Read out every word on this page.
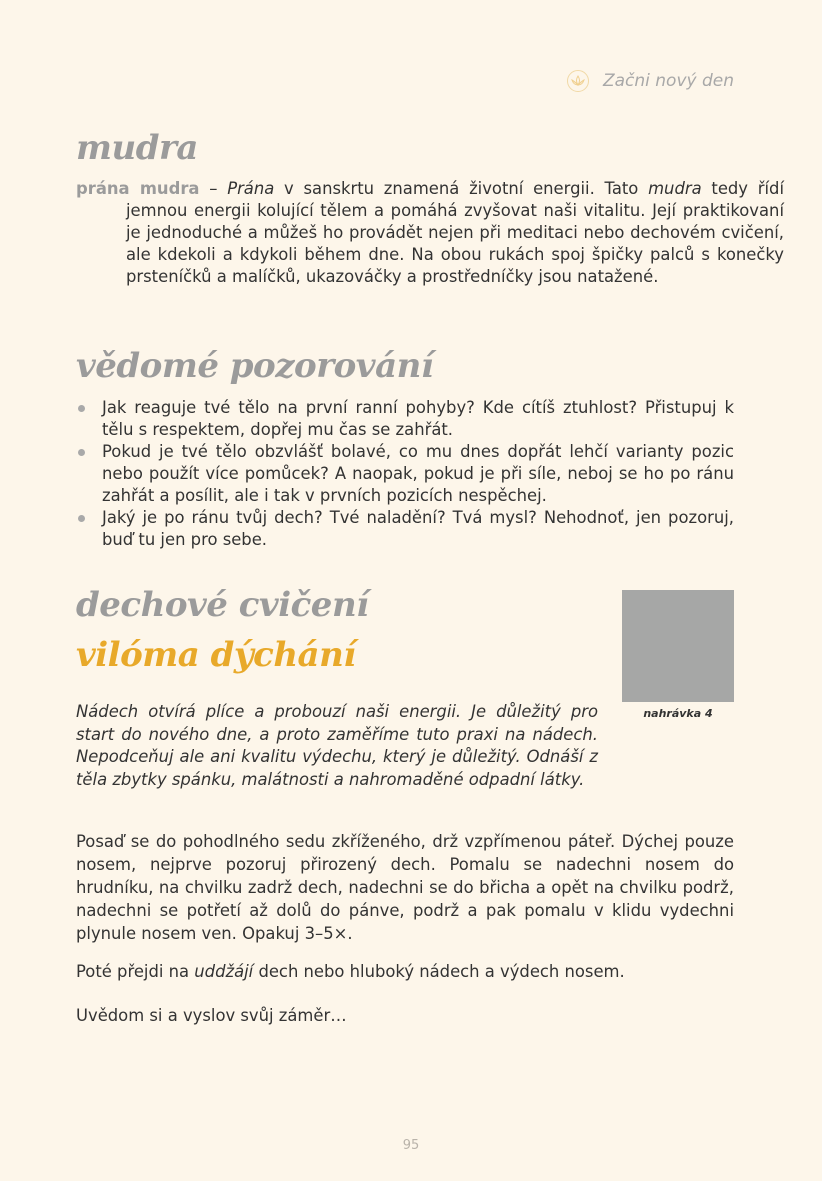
Začni nový den
mudra
prána mudra – Prána v sanskrtu znamená životní energii. Tato mudra tedy řídí jemnou energii kolující tělem a pomáhá zvyšovat naši vitalitu. Její praktikovaní je jednoduché a můžeš ho provádět nejen při meditaci nebo dechovém cvičení, ale kdekoli a kdykoli během dne. Na obou rukách spoj špičky palců s konečky prsteníčků a malíčků, ukazováčky a prostředníčky jsou natažené.
vědomé pozorování
Jak reaguje tvé tělo na první ranní pohyby? Kde cítíš ztuhlost? Přistupuj k tělu s respektem, dopřej mu čas se zahřát.
Pokud je tvé tělo obzvlášť bolavé, co mu dnes dopřát lehčí varianty pozic nebo použít více pomůcek? A naopak, pokud je při síle, neboj se ho po ránu zahřát a posílit, ale i tak v prvních pozicích nespěchej.
Jaký je po ránu tvůj dech? Tvé naladění? Tvá mysl? Nehodnoť, jen pozoruj, buď tu jen pro sebe.
dechové cvičení
vilóma dýchání
nahrávka 4
Nádech otvírá plíce a probouzí naši energii. Je důležitý pro start do nového dne, a proto zaměříme tuto praxi na nádech. Nepodceňuj ale ani kvalitu výdechu, který je důležitý. Odnáší z těla zbytky spánku, malátnosti a nahromaděné odpadní látky.
Posaď se do pohodlného sedu zkříženého, drž vzpřímenou páteř. Dýchej pouze nosem, nejprve pozoruj přirozený dech. Pomalu se nadechni nosem do hrudníku, na chvilku zadrž dech, nadechni se do břicha a opět na chvilku podrž, nadechni se potřetí až dolů do pánve, podrž a pak pomalu v klidu vydechni plynule nosem ven. Opakuj 3–5×.
Poté přejdi na uddžájí dech nebo hluboký nádech a výdech nosem.
Uvědom si a vyslov svůj záměr…
95
